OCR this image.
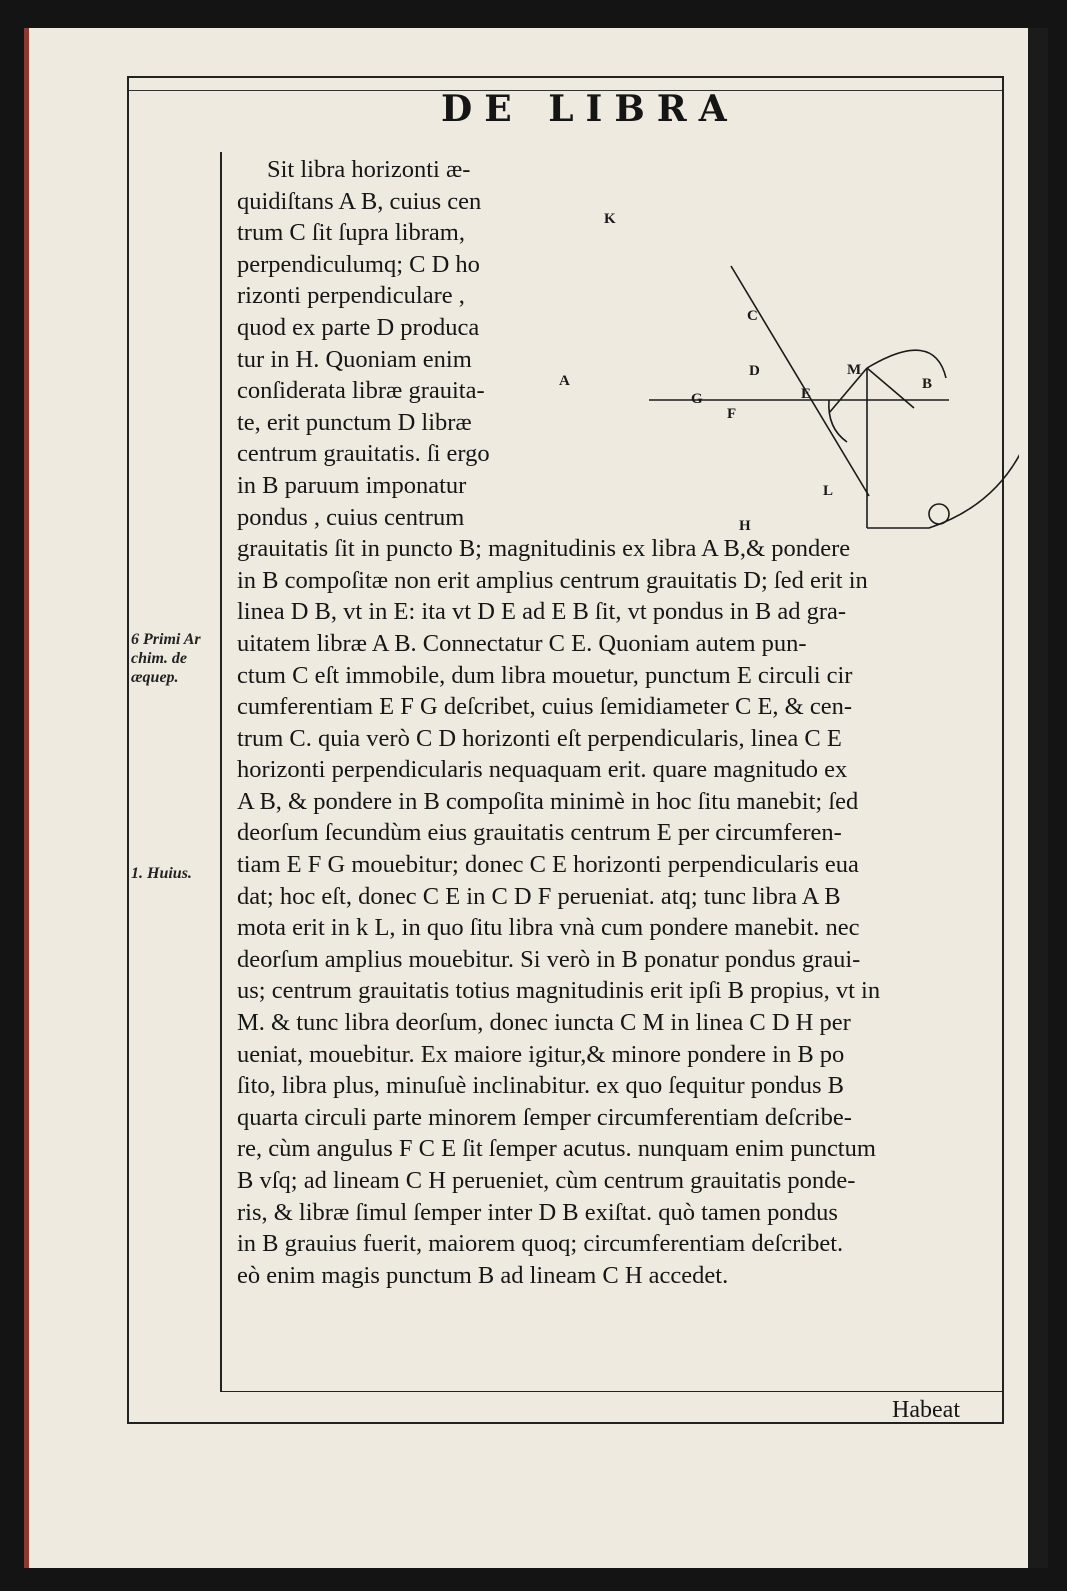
DE LIBRA
6 Primi Ar
chim. de
æquep.
1. Huius.
Sit libra horizonti æ-
quidiſtans A B, cuius cen
trum C ſit ſupra libram,
perpendiculumq; C D ho
rizonti perpendiculare ,
quod ex parte D produca
tur in H. Quoniam enim
conſiderata libræ grauita-
te, erit punctum D libræ
centrum grauitatis. ſi ergo
in B paruum imponatur
pondus , cuius centrum
grauitatis ſit in puncto B; magnitudinis ex libra A B,& pondere
in B compoſitæ non erit amplius centrum grauitatis D; ſed erit in
linea D B, vt in E: ita vt D E ad E B ſit, vt pondus in B ad gra-
uitatem libræ A B. Connectatur C E. Quoniam autem pun-
ctum C eſt immobile, dum libra mouetur, punctum E circuli cir
cumferentiam E F G deſcribet, cuius ſemidiameter C E, & cen-
trum C. quia verò C D horizonti eſt perpendicularis, linea C E
horizonti perpendicularis nequaquam erit. quare magnitudo ex
A B, & pondere in B compoſita minimè in hoc ſitu manebit; ſed
deorſum ſecundùm eius grauitatis centrum E per circumferen-
tiam E F G mouebitur; donec C E horizonti perpendicularis eua
dat; hoc eſt, donec C E in C D F perueniat. atq; tunc libra A B
mota erit in k L, in quo ſitu libra vnà cum pondere manebit. nec
deorſum amplius mouebitur. Si verò in B ponatur pondus graui-
us; centrum grauitatis totius magnitudinis erit ipſi B propius, vt in
M. & tunc libra deorſum, donec iuncta C M in linea C D H per
ueniat, mouebitur. Ex maiore igitur,& minore pondere in B po
ſito, libra plus, minuſuè inclinabitur. ex quo ſequitur pondus B
quarta circuli parte minorem ſemper circumferentiam deſcribe-
re, cùm angulus F C E ſit ſemper acutus. nunquam enim punctum
B vſq; ad lineam C H perueniet, cùm centrum grauitatis ponde-
ris, & libræ ſimul ſemper inter D B exiſtat. quò tamen pondus
in B grauius fuerit, maiorem quoq; circumferentiam deſcribet.
eò enim magis punctum B ad lineam C H accedet.
Habeat
K
C
A
G
F
D
E
M
B
L
H
